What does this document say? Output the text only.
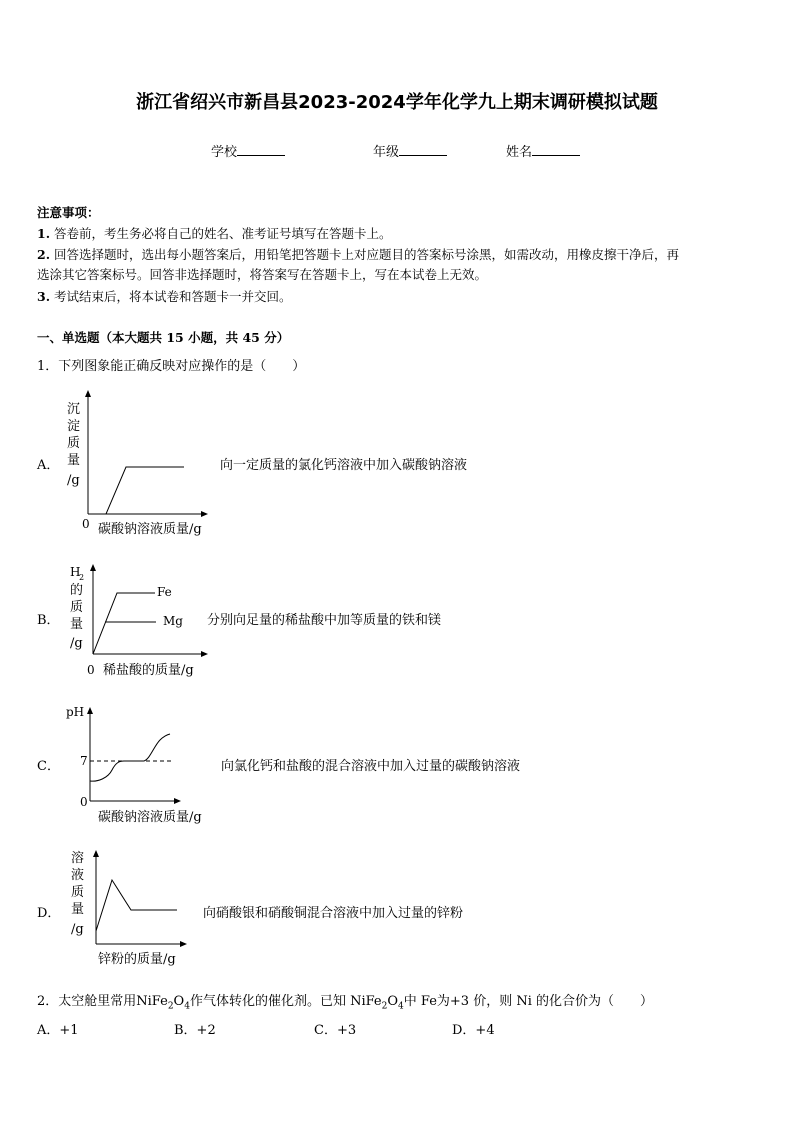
浙江省绍兴市新昌县2023-2024学年化学九上期末调研模拟试题
学校	年级	姓名
注意事项：
1. 答卷前，考生务必将自己的姓名、准考证号填写在答题卡上。
2. 回答选择题时，选出每小题答案后，用铅笔把答题卡上对应题目的答案标号涂黑，如需改动，用橡皮擦干净后，再
选涂其它答案标号。回答非选择题时，将答案写在答题卡上，写在本试卷上无效。
3. 考试结束后，将本试卷和答题卡一并交回。
一、单选题（本大题共 15 小题，共 45 分）
1．下列图象能正确反映对应操作的是（　　）
A．
沉
淀
质
量
/g
0 碳酸钠溶液质量/g
向一定质量的氯化钙溶液中加入碳酸钠溶液
B．
Fe
Mg
H
2
的
质
量
/g
0 稀盐酸的质量/g
分别向足量的稀盐酸中加等质量的铁和镁
C．
pH
7
0
碳酸钠溶液质量/g
向氯化钙和盐酸的混合溶液中加入过量的碳酸钠溶液
D．
溶
液
质
量
/g
锌粉的质量/g
向硝酸银和硝酸铜混合溶液中加入过量的锌粉
2．太空舱里常用$NiFe_2O_4$作气体转化的催化剂。已知 $NiFe_2O_4$中 Fe为+3 价，则 Ni 的化合价为（　　）
A．+1	B．+2	C．+3	D．+4
